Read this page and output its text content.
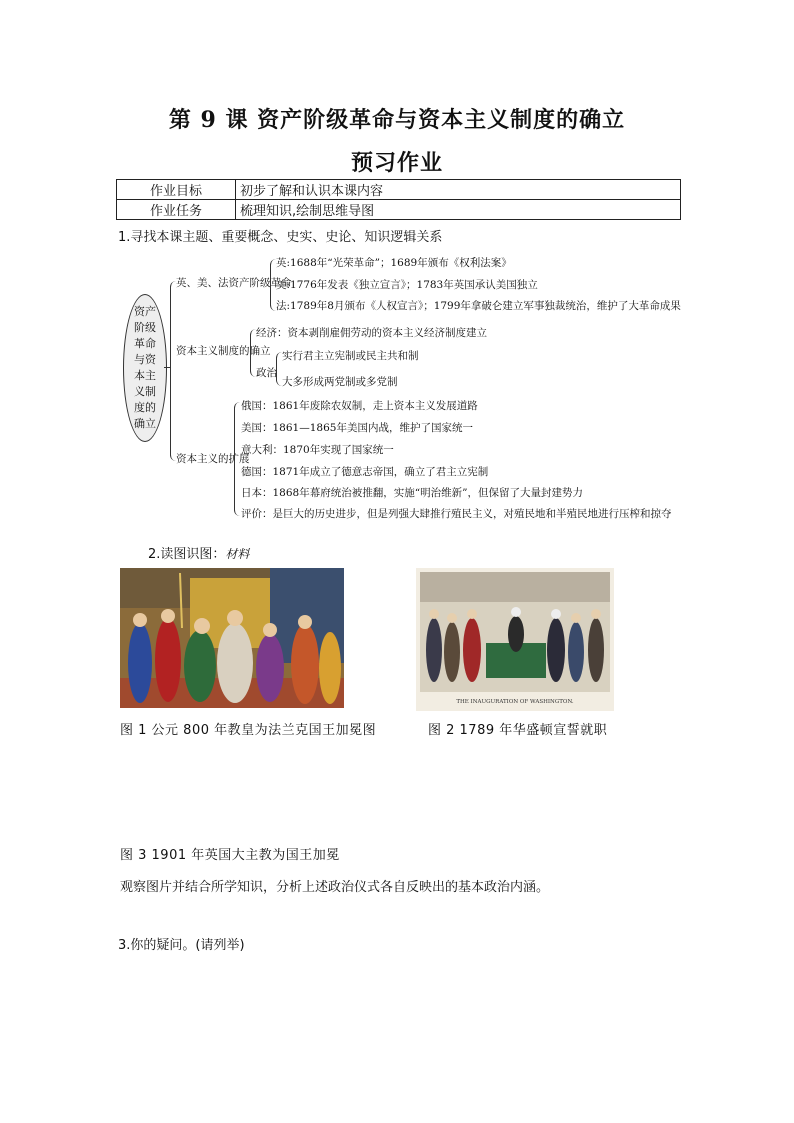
第 9 课 资产阶级革命与资本主义制度的确立
预习作业
作业目标	初步了解和认识本课内容
作业任务	梳理知识,绘制思维导图
1.寻找本课主题、重要概念、史实、史论、知识逻辑关系
资产阶级革命与资本主义制度的确立
英、美、法资产阶级革命
英:1688年“光荣革命”；1689年颁布《权利法案》
美:1776年发表《独立宣言》；1783年英国承认美国独立
法:1789年8月颁布《人权宣言》；1799年拿破仑建立军事独裁统治，维护了大革命成果
资本主义制度的确立
经济：资本剥削雇佣劳动的资本主义经济制度建立
政治
实行君主立宪制或民主共和制
大多形成两党制或多党制
资本主义的扩展
俄国：1861年废除农奴制，走上资本主义发展道路
美国：1861—1865年美国内战，维护了国家统一
意大利：1870年实现了国家统一
德国：1871年成立了德意志帝国，确立了君主立宪制
日本：1868年幕府统治被推翻，实施“明治维新”，但保留了大量封建势力
评价：是巨大的历史进步，但是列强大肆推行殖民主义，对殖民地和半殖民地进行压榨和掠夺
2.读图识图：材料
THE INAUGURATION OF WASHINGTON.
图 1 公元 800 年教皇为法兰克国王加冕图	图 2 1789 年华盛顿宣誓就职
图 3 1901 年英国大主教为国王加冕
观察图片并结合所学知识，分析上述政治仪式各自反映出的基本政治内涵。
3.你的疑问。(请列举)
